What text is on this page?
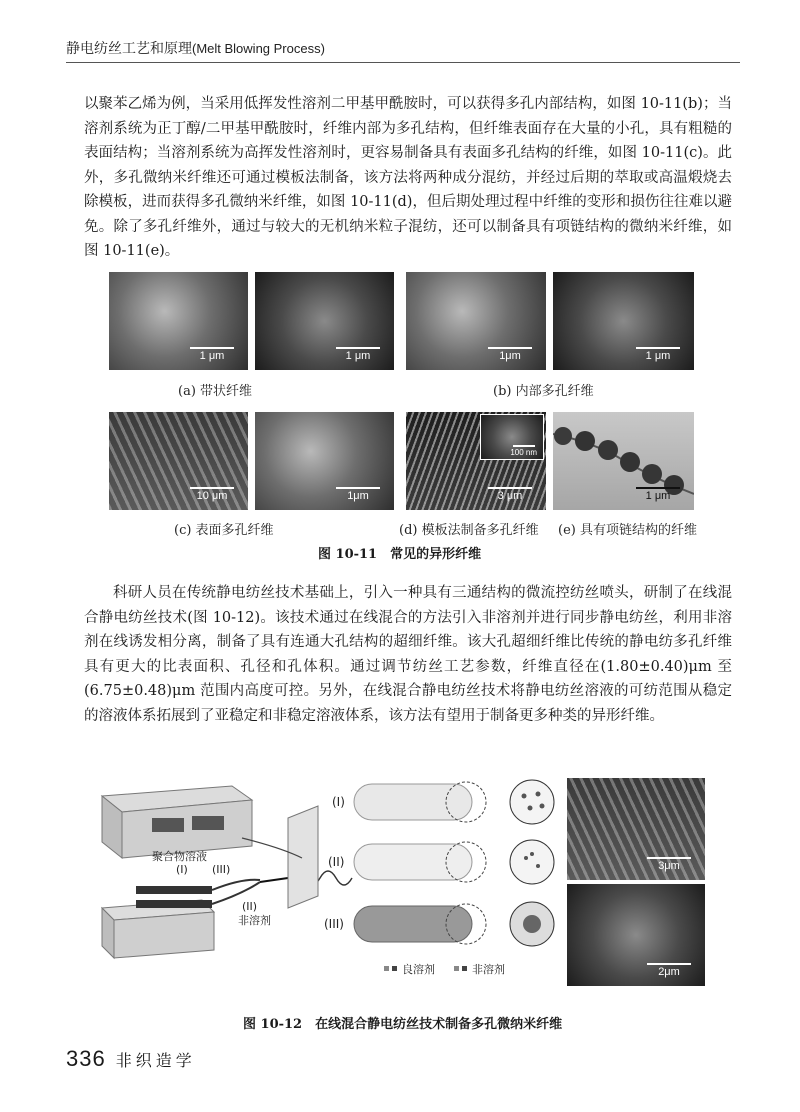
静电纺丝工艺和原理(Melt Blowing Process)

以聚苯乙烯为例，当采用低挥发性溶剂二甲基甲酰胺时，可以获得多孔内部结构，如图 10-11(b)；当溶剂系统为正丁醇/二甲基甲酰胺时，纤维内部为多孔结构，但纤维表面存在大量的小孔，具有粗糙的表面结构；当溶剂系统为高挥发性溶剂时，更容易制备具有表面多孔结构的纤维，如图 10-11(c)。此外，多孔微纳米纤维还可通过模板法制备，该方法将两种成分混纺，并经过后期的萃取或高温煅烧去除模板，进而获得多孔微纳米纤维，如图 10-11(d)，但后期处理过程中纤维的变形和损伤往往难以避免。除了多孔纤维外，通过与较大的无机纳米粒子混纺，还可以制备具有项链结构的微纳米纤维，如图 10-11(e)。

1 μm	1 μm	1μm	1 μm
(a) 带状纤维	(b) 内部多孔纤维
10 μm	1μm
100 nm
3 μm	1 μm
(c) 表面多孔纤维	(d) 模板法制备多孔纤维 (e) 具有项链结构的纤维
图 10-11　常见的异形纤维

科研人员在传统静电纺丝技术基础上，引入一种具有三通结构的微流控纺丝喷头，研制了在线混合静电纺丝技术(图 10-12)。该技术通过在线混合的方法引入非溶剂并进行同步静电纺丝，利用非溶剂在线诱发相分离，制备了具有连通大孔结构的超细纤维。该大孔超细纤维比传统的静电纺多孔纤维具有更大的比表面积、孔径和孔体积。通过调节纺丝工艺参数，纤维直径在(1.80±0.40)μm 至(6.75±0.48)μm 范围内高度可控。另外，在线混合静电纺丝技术将静电纺丝溶液的可纺范围从稳定的溶液体系拓展到了亚稳定和非稳定溶液体系，该方法有望用于制备更多种类的异形纤维。

聚合物溶液
(I) (III)
(II)
非溶剂
(I)
(II)
(III)
良溶剂	非溶剂
3μm
2μm
图 10-12　在线混合静电纺丝技术制备多孔微纳米纤维
336 非织造学
